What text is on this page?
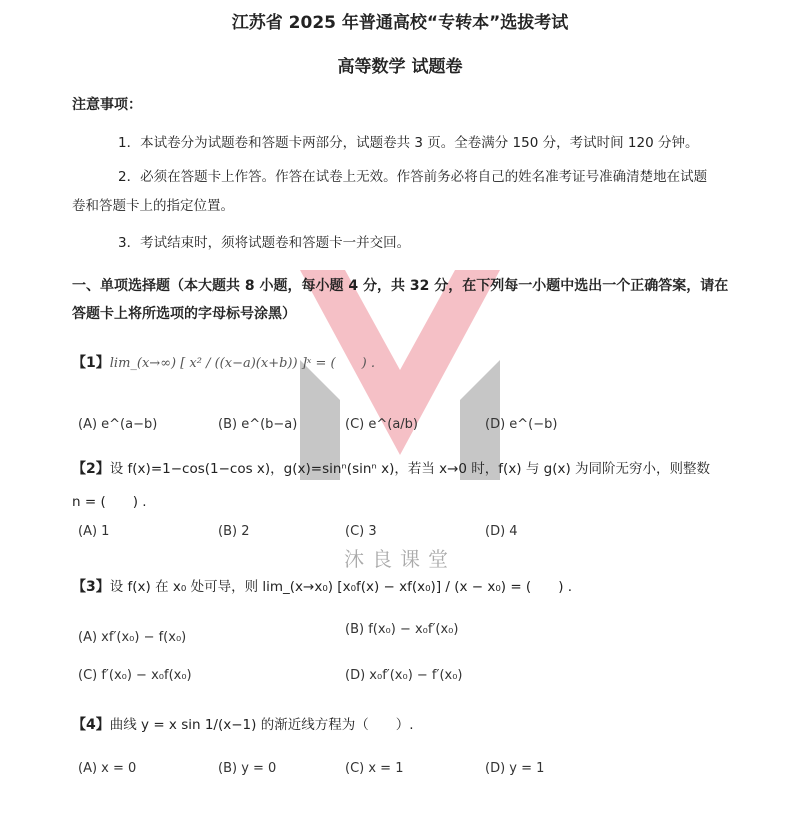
沐良课堂
江苏省 2025 年普通高校“专转本”选拔考试
高等数学 试题卷
注意事项：
1．本试卷分为试题卷和答题卡两部分，试题卷共 3 页。全卷满分 150 分，考试时间 120 分钟。
2．必须在答题卡上作答。作答在试卷上无效。作答前务必将自己的姓名准考证号准确清楚地在试题
卷和答题卡上的指定位置。
3．考试结束时，须将试题卷和答题卡一并交回。
一、单项选择题（本大题共 8 小题，每小题 4 分，共 32 分，在下列每一小题中选出一个正确答案，请在
答题卡上将所选项的字母标号涂黑）
【1】lim_(x→∞) [ x² / ((x−a)(x+b)) ]ˣ = (　　) .
(A) e^(a−b)	(B) e^(b−a)	(C) e^(a/b)	(D) e^(−b)
【2】设 f(x)=1−cos(1−cos x)，g(x)=sinⁿ(sinⁿ x)，若当 x→0 时，f(x) 与 g(x) 为同阶无穷小，则整数
n = (　　) .
(A) 1	(B) 2	(C) 3	(D) 4
【3】设 f(x) 在 x₀ 处可导，则 lim_(x→x₀) [x₀f(x) − xf(x₀)] / (x − x₀) = (　　) .
(A) xf′(x₀) − f(x₀)
(B) f(x₀) − x₀f′(x₀)
(C) f′(x₀) − x₀f(x₀)	(D) x₀f′(x₀) − f′(x₀)
【4】曲线 y = x sin 1/(x−1) 的渐近线方程为（　　）.
(A) x = 0	(B) y = 0	(C) x = 1	(D) y = 1
